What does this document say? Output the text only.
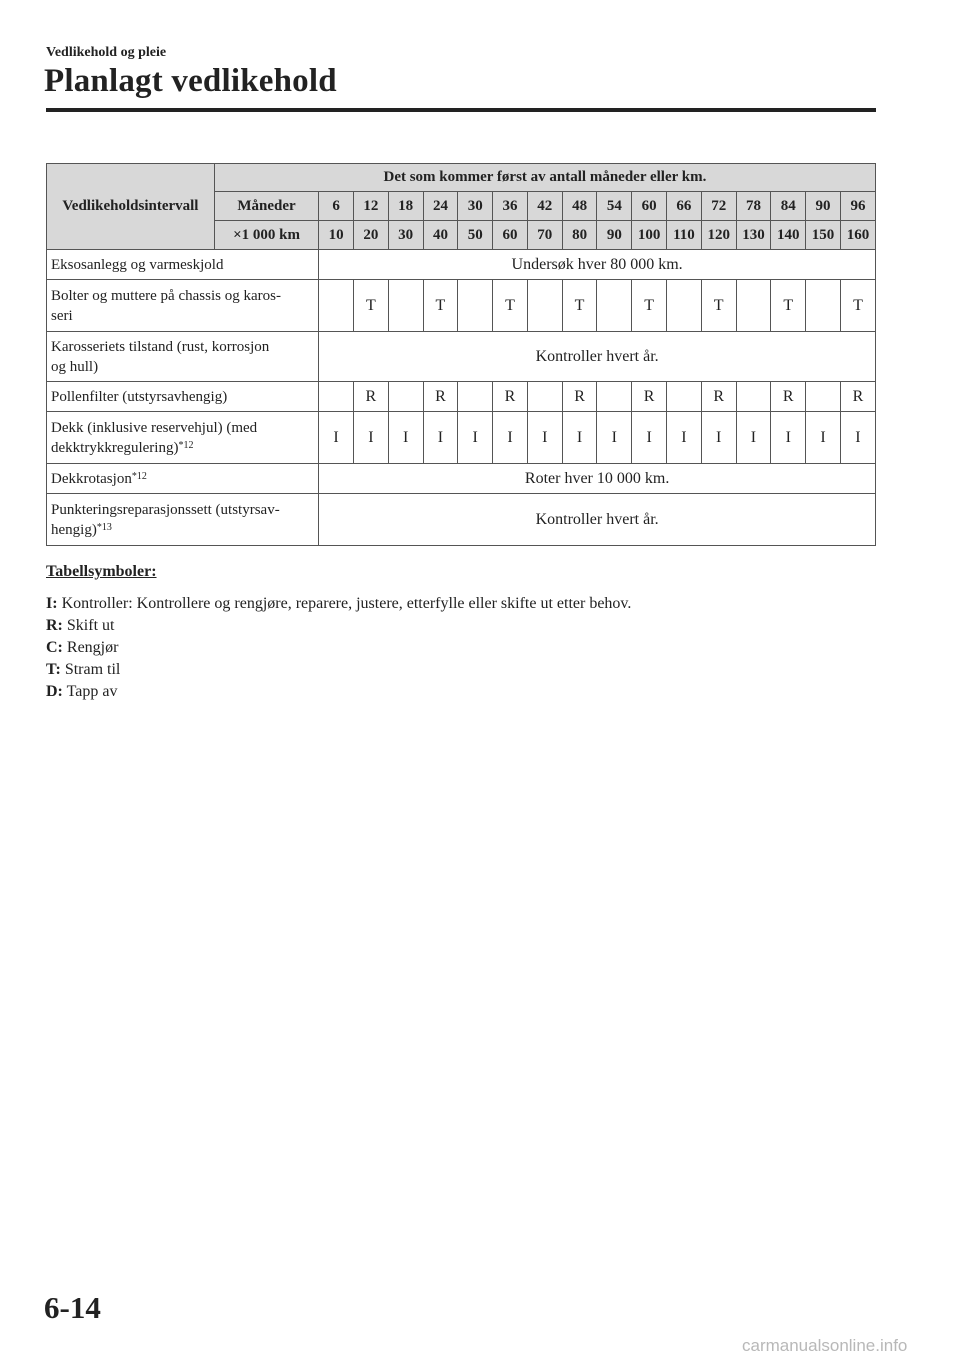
Vedlikehold og pleie
Planlagt vedlikehold
Vedlikeholdsintervall	Det som kommer først av antall måneder eller km.																
	Måneder	6	12	18	24	30	36	42	48	54	60	66	72	78	84	90	96
	×1 000 km	10	20	30	40	50	60	70	80	90	100	110	120	130	140	150	160
Eksosanlegg og varmeskjold		Undersøk hver 80 000 km.															
Bolter og muttere på chassis og karos-
seri			T		T		T		T		T		T		T		T
Karosseriets tilstand (rust, korrosjon
og hull)		Kontroller hvert år.															
Pollenfilter (utstyrsavhengig)			R		R		R		R		R		R		R		R
Dekk (inklusive reservehjul) (med
dekktrykkregulering)$^{*12}$		I	I	I	I	I	I	I	I	I	I	I	I	I	I	I	I
Dekkrotasjon$^{*12}$		Roter hver 10 000 km.															
Punkteringsreparasjonssett (utstyrsav-
hengig)$^{*13}$		Kontroller hvert år.															
Tabellsymboler:
I: Kontroller: Kontrollere og rengjøre, reparere, justere, etterfylle eller skifte ut etter behov.
R: Skift ut
C: Rengjør
T: Stram til
D: Tapp av
6-14
carmanualsonline.info
